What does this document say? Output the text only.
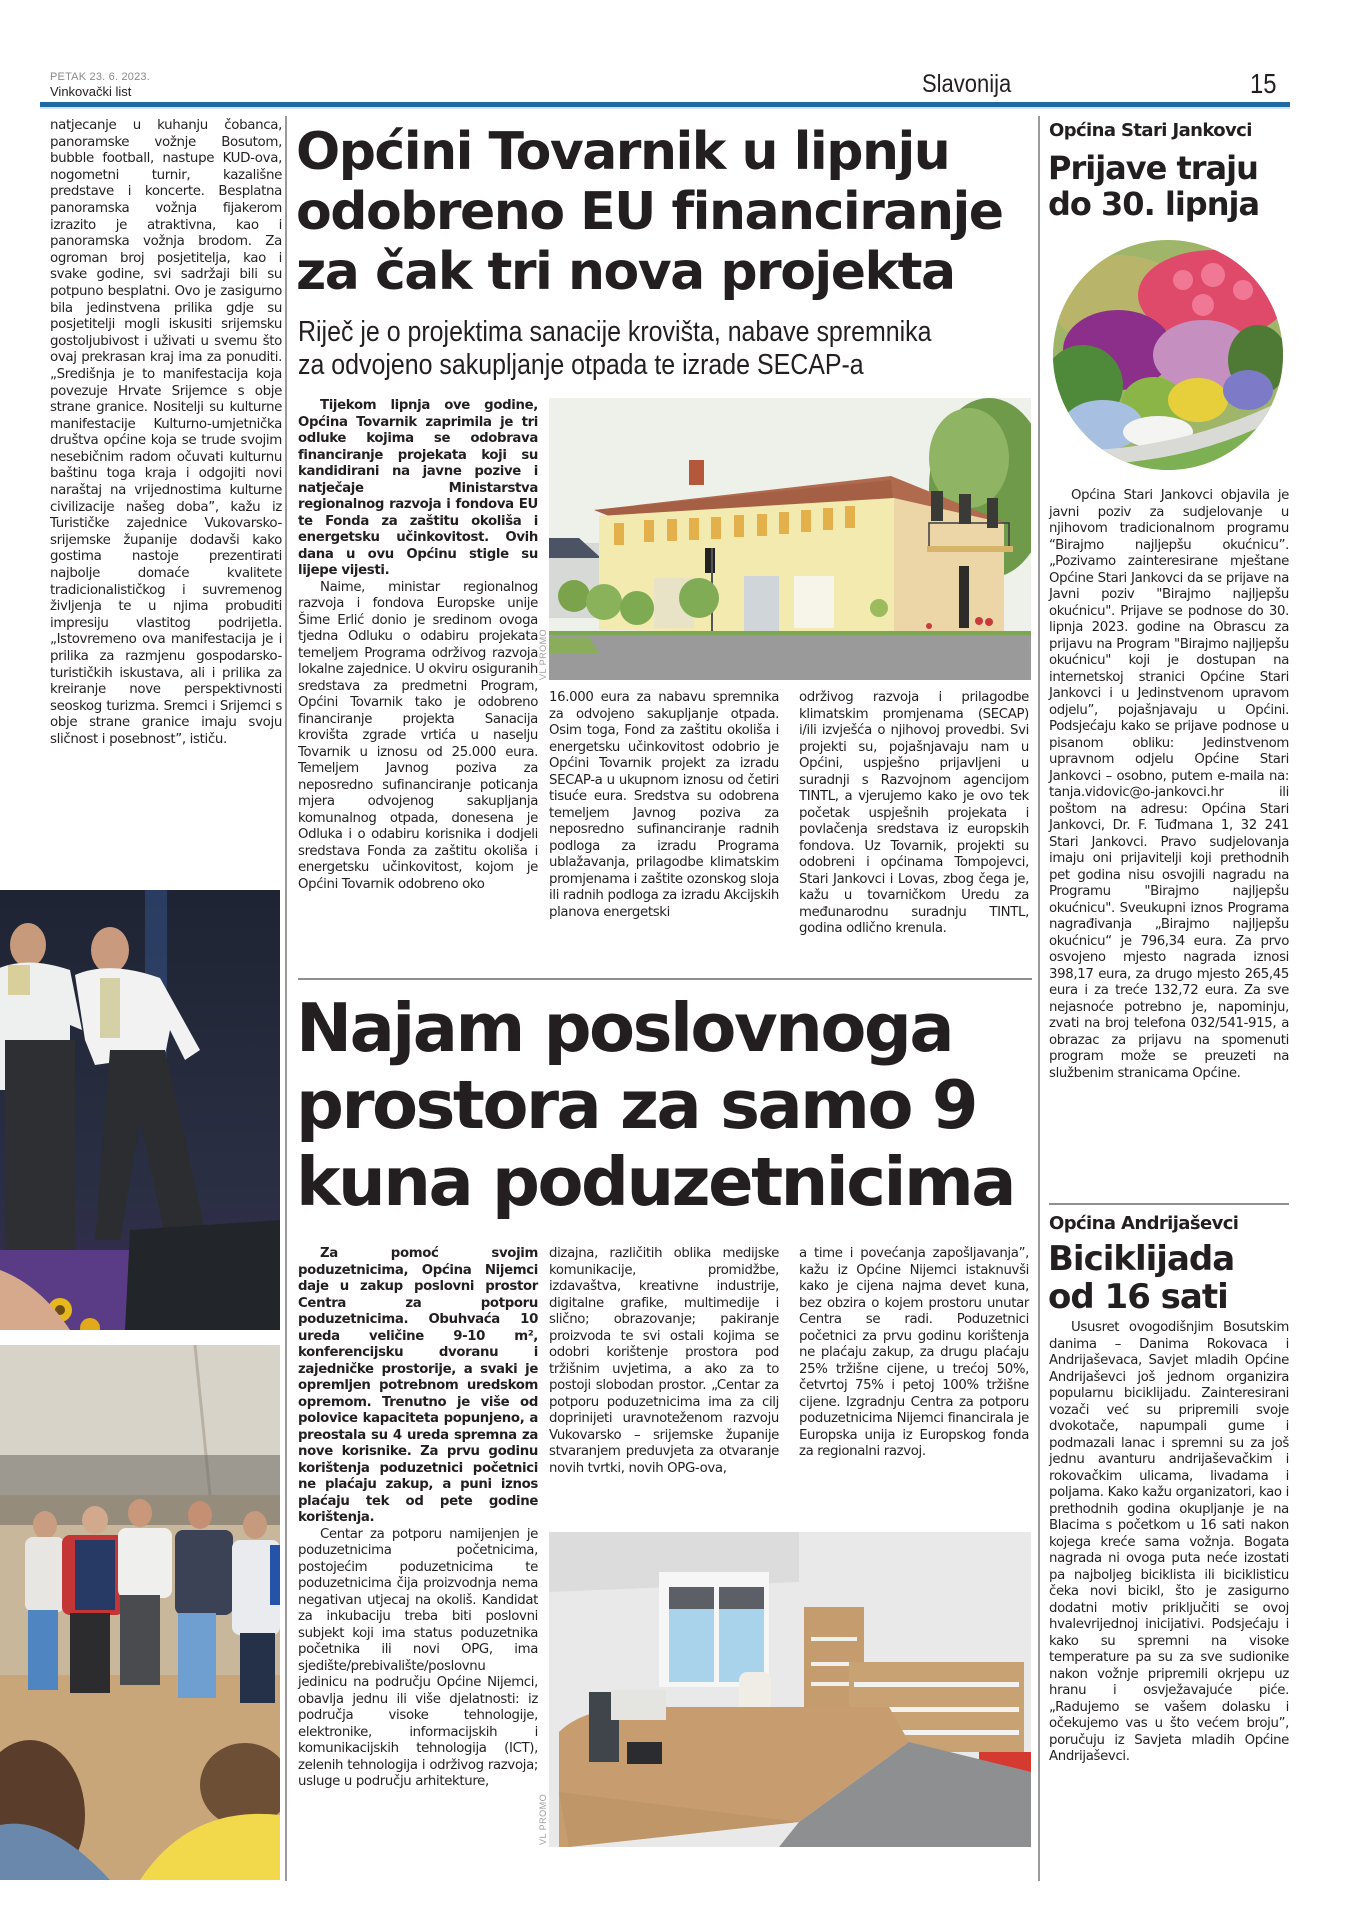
PETAK 23. 6. 2023.
Vinkovački list	Slavonija	15

natjecanje u kuhanju čobanca, panoramske vožnje Bosutom, bubble football, nastupe KUD-ova, nogometni turnir, kazališne predstave i koncerte. Besplatna panoramska vožnja fijakerom izrazito je atraktivna, kao i panoramska vožnja brodom. Za ogroman broj posjetitelja, kao i svake godine, svi sadržaji bili su potpuno besplatni. Ovo je zasigurno bila jedinstvena prilika gdje su posjetitelji mogli iskusiti srijemsku gostoljubivost i uživati u svemu što ovaj prekrasan kraj ima za ponuditi. „Središnja je to manifestacija koja povezuje Hrvate Srijemce s obje strane granice. Nositelji su kulturne manifestacije Kulturno-umjetnička društva općine koja se trude svojim nesebičnim radom očuvati kulturnu baštinu toga kraja i odgojiti novi naraštaj na vrijednostima kulturne civilizacije našeg doba”, kažu iz Turističke zajednice Vukovarsko-srijemske županije dodavši kako gostima nastoje prezentirati najbolje domaće kvalitete tradicionalističkog i suvremenog življenja te u njima probuditi impresiju vlastitog podrijetla. „Istovremeno ova manifestacija je i prilika za razmjenu gospodarsko-turističkih iskustava, ali i prilika za kreiranje nove perspektivnosti seoskog turizma. Sremci i Srijemci s obje strane granice imaju svoju sličnost i posebnost”, ističu.

Općini Tovarnik u lipnju
odobreno EU financiranje
za čak tri nova projekta
Riječ je o projektima sanacije krovišta, nabave spremnika
za odvojeno sakupljanje otpada te izrade SECAP-a

Tijekom lipnja ove godine, Općina Tovarnik zaprimila je tri odluke kojima se odobrava financiranje projekata koji su kandidirani na javne pozive i natječaje Ministarstva regionalnog razvoja i fondova EU te Fonda za zaštitu okoliša i energetsku učinkovitost. Ovih dana u ovu Općinu stigle su lijepe vijesti.

Naime, ministar regionalnog razvoja i fondova Europske unije Šime Erlić donio je sredinom ovoga tjedna Odluku o odabiru projekata temeljem Programa održivog razvoja lokalne zajednice. U okviru osiguranih sredstava za predmetni Program, Općini Tovarnik tako je odobreno financiranje projekta Sanacija krovišta zgrade vrtića u naselju Tovarnik u iznosu od 25.000 eura. Temeljem Javnog poziva za neposredno sufinanciranje poticanja mjera odvojenog sakupljanja komunalnog otpada, donesena je Odluka i o odabiru korisnika i dodjeli sredstava Fonda za zaštitu okoliša i energetsku učinkovitost, kojom je Općini Tovarnik odobreno oko

VL PROMO

16.000 eura za nabavu spremnika za odvojeno sakupljanje otpada. Osim toga, Fond za zaštitu okoliša i energetsku učinkovitost odobrio je Općini Tovarnik projekt za izradu SECAP-a u ukupnom iznosu od četiri tisuće eura. Sredstva su odobrena temeljem Javnog poziva za neposredno sufinanciranje radnih podloga za izradu Programa ublažavanja, prilagodbe klimatskim promjenama i zaštite ozonskog sloja ili radnih podloga za izradu Akcijskih planova energetski

održivog razvoja i prilagodbe klimatskim promjenama (SECAP) i/ili izvješća o njihovoj provedbi. Svi projekti su, pojašnjavaju nam u Općini, uspješno prijavljeni u suradnji s Razvojnom agencijom TINTL, a vjerujemo kako je ovo tek početak uspješnih projekata i povlačenja sredstava iz europskih fondova. Uz Tovarnik, projekti su odobreni i općinama Tompojevci, Stari Jankovci i Lovas, zbog čega je, kažu u tovarničkom Uredu za međunarodnu suradnju TINTL, godina odlično krenula.

Najam poslovnoga
prostora za samo 9
kuna poduzetnicima

Za pomoć svojim poduzetnicima, Općina Nijemci daje u zakup poslovni prostor Centra za potporu poduzetnicima. Obuhvaća 10 ureda veličine 9-10 m², konferencijsku dvoranu i zajedničke prostorije, a svaki je opremljen potrebnom uredskom opremom. Trenutno je više od polovice kapaciteta popunjeno, a preostala su 4 ureda spremna za nove korisnike. Za prvu godinu korištenja poduzetnici početnici ne plaćaju zakup, a puni iznos plaćaju tek od pete godine korištenja.

Centar za potporu namijenjen je poduzetnicima početnicima, postojećim poduzetnicima te poduzetnicima čija proizvodnja nema negativan utjecaj na okoliš. Kandidat za inkubaciju treba biti poslovni subjekt koji ima status poduzetnika početnika ili novi OPG, ima sjedište/prebivalište/poslovnu jedinicu na području Općine Nijemci, obavlja jednu ili više djelatnosti: iz područja visoke tehnologije, elektronike, informacijskih i komunikacijskih tehnologija (ICT), zelenih tehnologija i održivog razvoja; usluge u području arhitekture,

dizajna, različitih oblika medijske komunikacije, promidžbe, izdavaštva, kreativne industrije, digitalne grafike, multimedije i slično; obrazovanje; pakiranje proizvoda te svi ostali kojima se odobri korištenje prostora pod tržišnim uvjetima, a ako za to postoji slobodan prostor. „Centar za potporu poduzetnicima ima za cilj doprinijeti uravnoteženom razvoju Vukovarsko – srijemske županije stvaranjem preduvjeta za otvaranje novih tvrtki, novih OPG-ova,

a time i povećanja zapošljavanja”, kažu iz Općine Nijemci istaknuvši kako je cijena najma devet kuna, bez obzira o kojem prostoru unutar Centra se radi. Poduzetnici početnici za prvu godinu korištenja ne plaćaju zakup, za drugu plaćaju 25% tržišne cijene, u trećoj 50%, četvrtoj 75% i petoj 100% tržišne cijene. Izgradnju Centra za potporu poduzetnicima Nijemci financirala je Europska unija iz Europskog fonda za regionalni razvoj.

VL PROMO
Općina Stari Jankovci
Prijave traju
do 30. lipnja

Općina Stari Jankovci objavila je javni poziv za sudjelovanje u njihovom tradicionalnom programu “Birajmo najljepšu okućnicu”. „Pozivamo zainteresirane mještane Općine Stari Jankovci da se prijave na Javni poziv "Birajmo najljepšu okućnicu". Prijave se podnose do 30. lipnja 2023. godine na Obrascu za prijavu na Program "Birajmo najljepšu okućnicu" koji je dostupan na internetskoj stranici Općine Stari Jankovci i u Jedinstvenom upravom odjelu”, pojašnjavaju u Općini. Podsjećaju kako se prijave podnose u pisanom obliku: Jedinstvenom upravnom odjelu Općine Stari Jankovci – osobno, putem e-maila na: tanja.vidovic@o-jankovci.hr ili poštom na adresu: Općina Stari Jankovci, Dr. F. Tuđmana 1, 32 241 Stari Jankovci. Pravo sudjelovanja imaju oni prijavitelji koji prethodnih pet godina nisu osvojili nagradu na Programu "Birajmo najljepšu okućnicu". Sveukupni iznos Programa nagrađivanja „Birajmo najljepšu okućnicu“ je 796,34 eura. Za prvo osvojeno mjesto nagrada iznosi 398,17 eura, za drugo mjesto 265,45 eura i za treće 132,72 eura. Za sve nejasnoće potrebno je, napominju, zvati na broj telefona 032/541-915, a obrazac za prijavu na spomenuti program može se preuzeti na službenim stranicama Općine.

Općina Andrijaševci
Biciklijada
od 16 sati

Ususret ovogodišnjim Bosutskim danima – Danima Rokovaca i Andrijaševaca, Savjet mladih Općine Andrijaševci još jednom organizira popularnu biciklijadu. Zainteresirani vozači već su pripremili svoje dvokotače, napumpali gume i podmazali lanac i spremni su za još jednu avanturu andrijaševačkim i rokovačkim ulicama, livadama i poljama. Kako kažu organizatori, kao i prethodnih godina okupljanje je na Blacima s početkom u 16 sati nakon kojega kreće sama vožnja. Bogata nagrada ni ovoga puta neće izostati pa najboljeg biciklista ili biciklisticu čeka novi bicikl, što je zasigurno dodatni motiv priključiti se ovoj hvalevrijednoj inicijativi. Podsjećaju i kako su spremni na visoke temperature pa su za sve sudionike nakon vožnje pripremili okrjepu uz hranu i osvježavajuće piće. „Radujemo se vašem dolasku i očekujemo vas u što većem broju”, poručuju iz Savjeta mladih Općine Andrijaševci.
